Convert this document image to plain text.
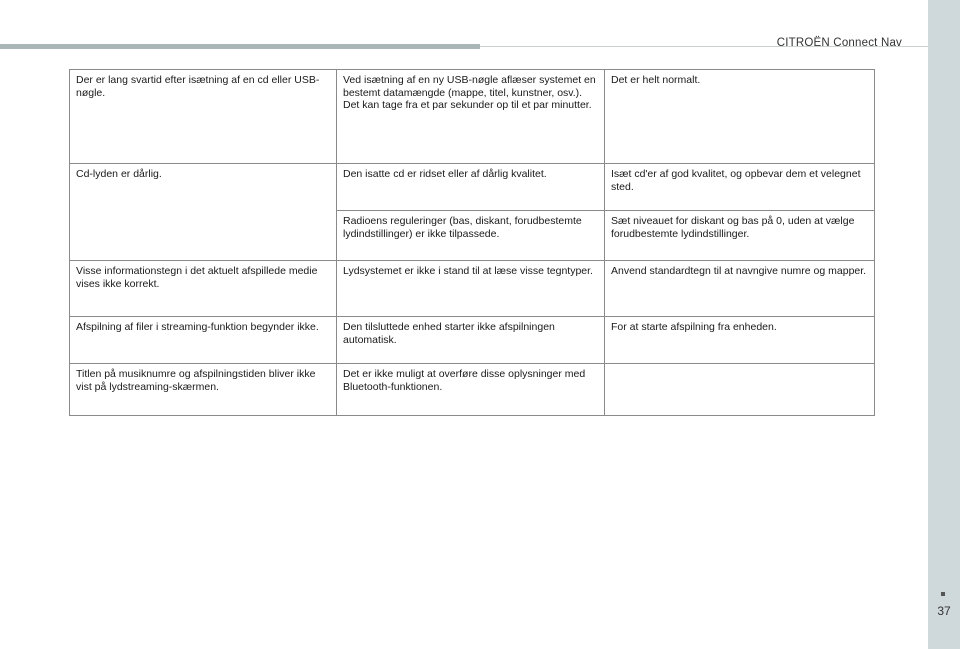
CITROËN Connect Nav
37
Der er lang svartid efter isætning af en cd eller USB-nøgle.	Ved isætning af en ny USB-nøgle aflæser systemet en bestemt datamængde (mappe, titel, kunstner, osv.). Det kan tage fra et par sekunder op til et par minutter.	Det er helt normalt.
Cd-lyden er dårlig.	Den isatte cd er ridset eller af dårlig kvalitet.	Isæt cd'er af god kvalitet, og opbevar dem et velegnet sted.
	Radioens reguleringer (bas, diskant, forudbestemte lydindstillinger) er ikke tilpassede.	Sæt niveauet for diskant og bas på 0, uden at vælge forudbestemte lydindstillinger.
Visse informationstegn i det aktuelt afspillede medie vises ikke korrekt.	Lydsystemet er ikke i stand til at læse visse tegntyper.	Anvend standardtegn til at navngive numre og mapper.
Afspilning af filer i streaming-funktion begynder ikke.	Den tilsluttede enhed starter ikke afspilningen automatisk.	For at starte afspilning fra enheden.
Titlen på musiknumre og afspilningstiden bliver ikke vist på lydstreaming-skærmen.	Det er ikke muligt at overføre disse oplysninger med Bluetooth-funktionen.	
